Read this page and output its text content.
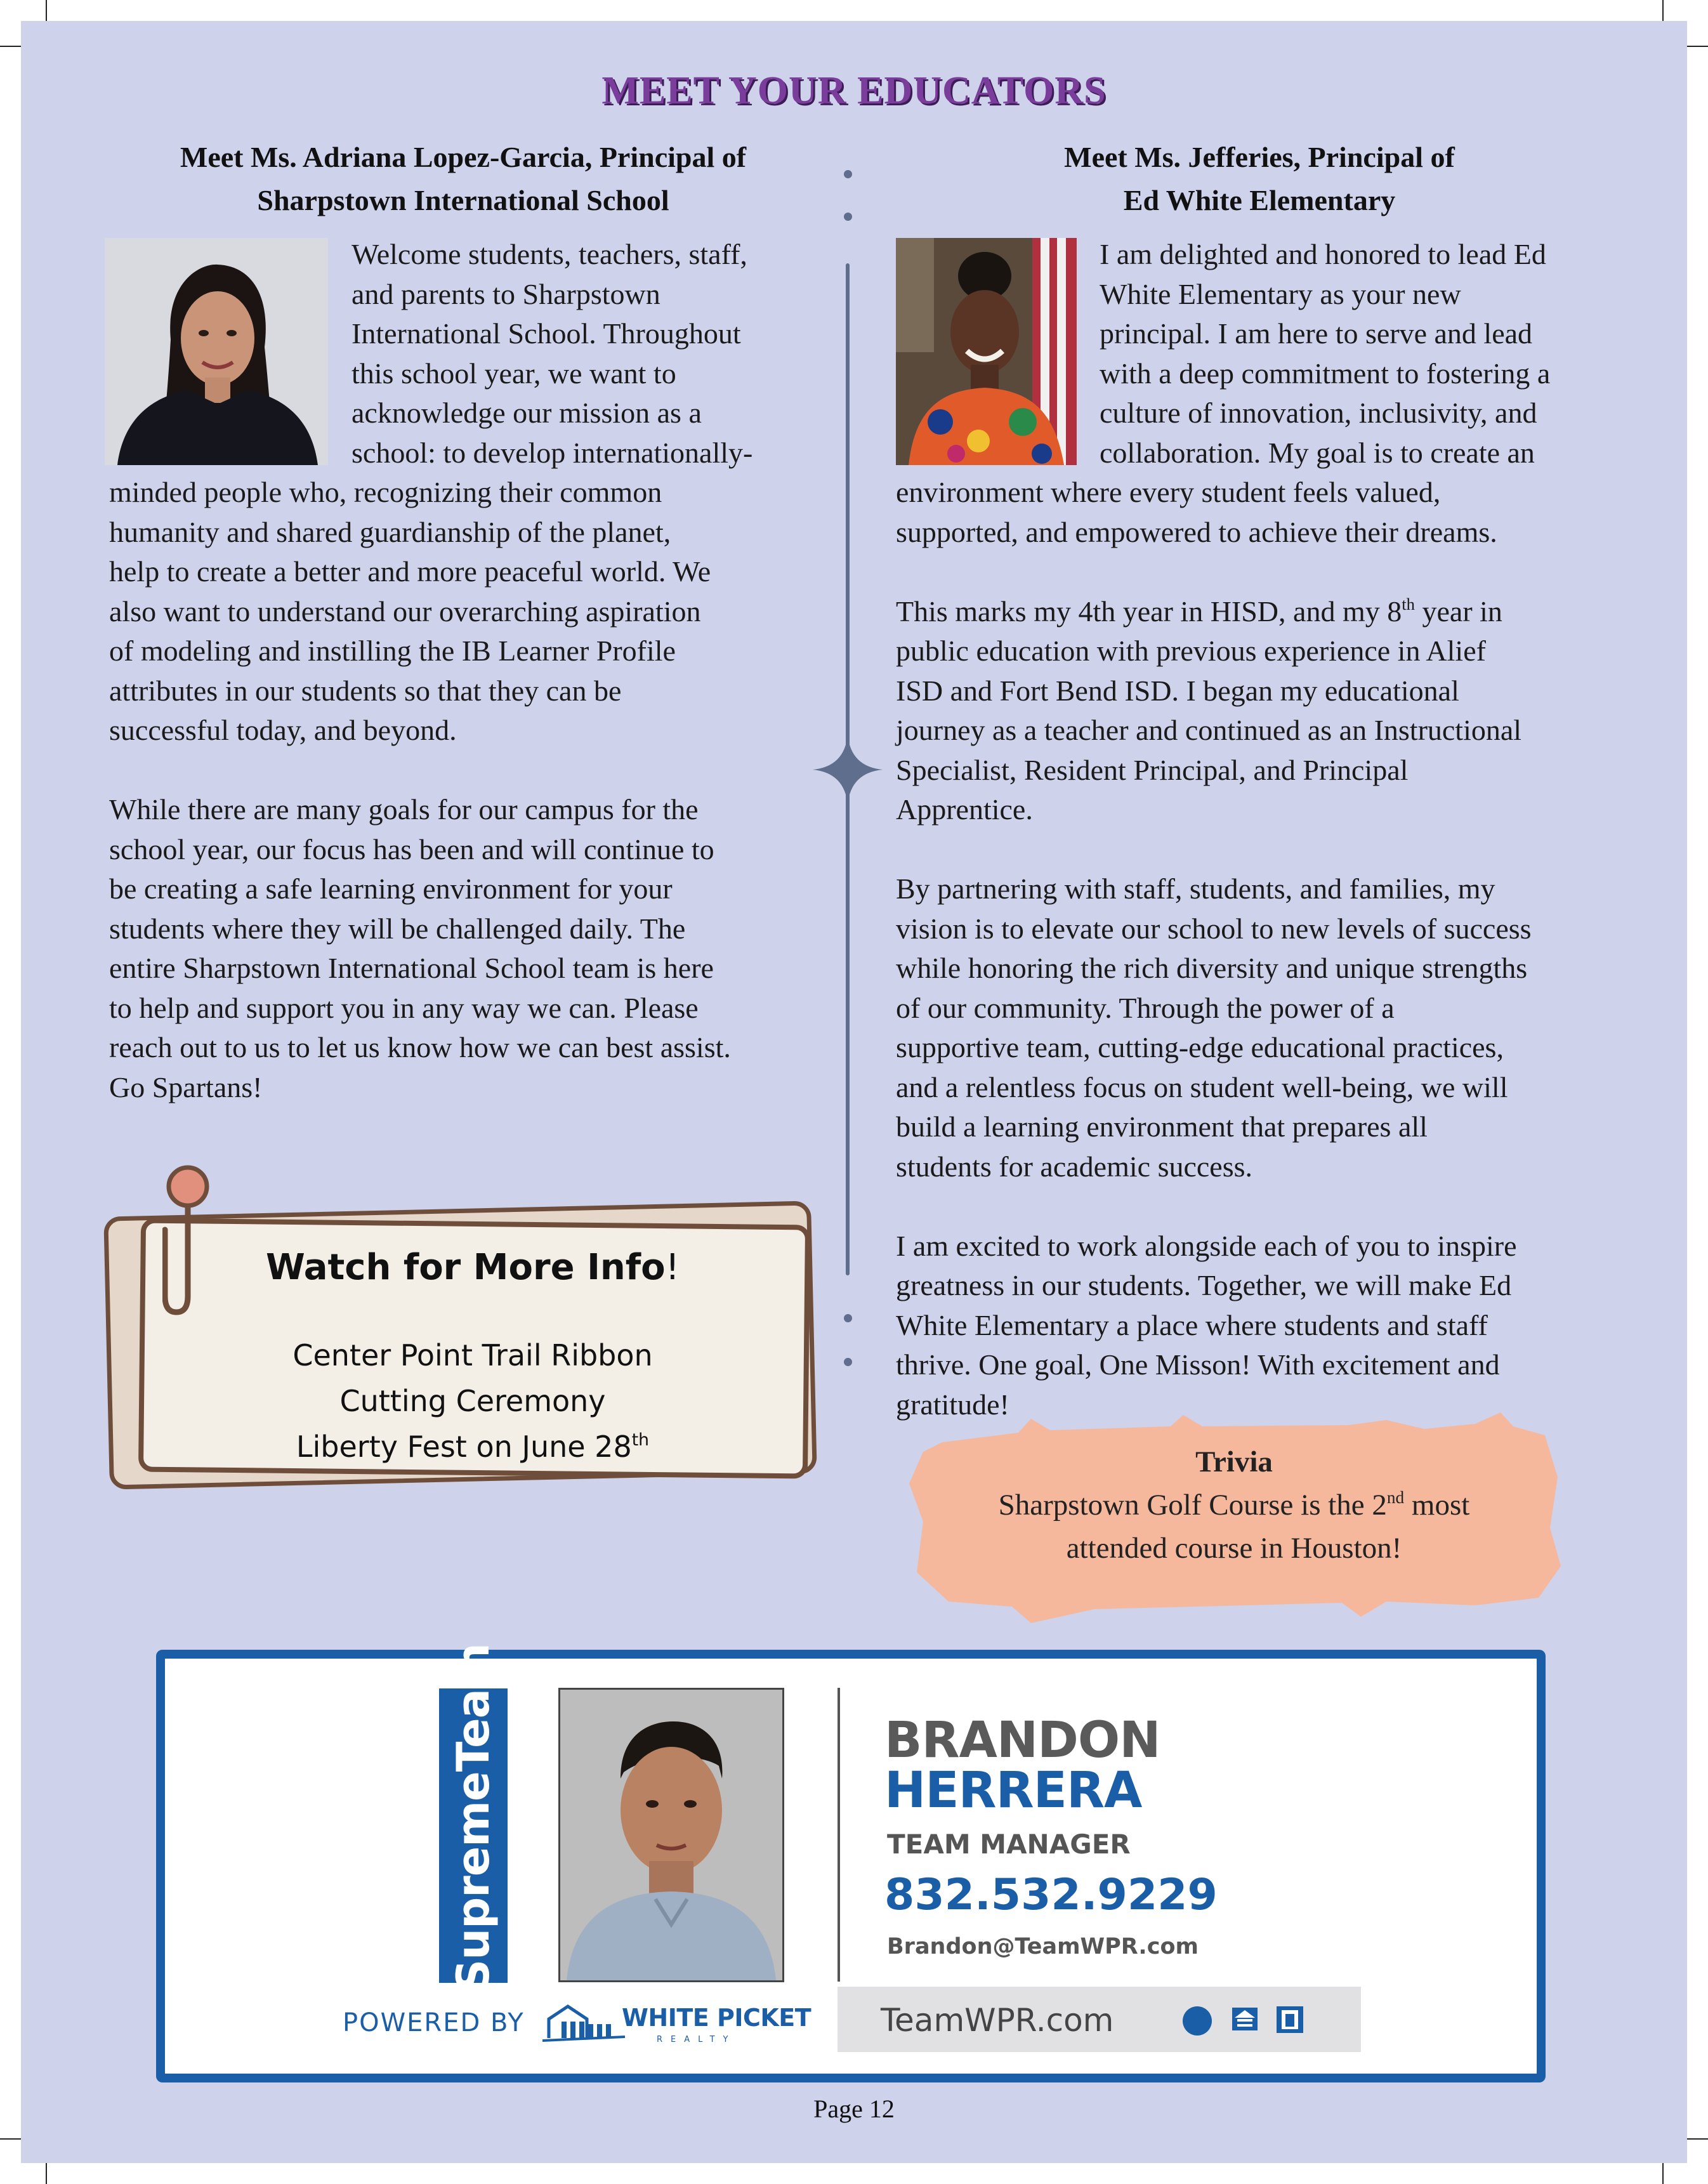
MEET YOUR EDUCATORS
Meet Ms. Adriana Lopez-Garcia, Principal of
Sharpstown International School
Welcome students, teachers, staff,
and parents to Sharpstown
International School. Throughout
this school year, we want to
acknowledge our mission as a
school: to develop internationally-
minded people who, recognizing their common
humanity and shared guardianship of the planet,
help to create a better and more peaceful world. We
also want to understand our overarching aspiration
of modeling and instilling the IB Learner Profile
attributes in our students so that they can be
successful today, and beyond.
While there are many goals for our campus for the
school year, our focus has been and will continue to
be creating a safe learning environment for your
students where they will be challenged daily. The
entire Sharpstown International School team is here
to help and support you in any way we can. Please
reach out to us to let us know how we can best assist.
Go Spartans!
Meet Ms. Jefferies, Principal of
Ed White Elementary
I am delighted and honored to lead Ed
White Elementary as your new
principal. I am here to serve and lead
with a deep commitment to fostering a
culture of innovation, inclusivity, and
collaboration. My goal is to create an
environment where every student feels valued,
supported, and empowered to achieve their dreams.
This marks my 4th year in HISD, and my 8th year in
public education with previous experience in Alief
ISD and Fort Bend ISD. I began my educational
journey as a teacher and continued as an Instructional
Specialist, Resident Principal, and Principal
Apprentice.
By partnering with staff, students, and families, my
vision is to elevate our school to new levels of success
while honoring the rich diversity and unique strengths
of our community. Through the power of a
supportive team, cutting-edge educational practices,
and a relentless focus on student well-being, we will
build a learning environment that prepares all
students for academic success.
I am excited to work alongside each of you to inspire
greatness in our students. Together, we will make Ed
White Elementary a place where students and staff
thrive. One goal, One Misson! With excitement and
gratitude!
Watch for More Info!
Center Point Trail Ribbon
Cutting Ceremony
Liberty Fest on June 28th
Trivia
Sharpstown Golf Course is the 2nd most
attended course in Houston!
#SupremeTeam	BRANDON
HERRERA
TEAM MANAGER
832.532.9229
Brandon@TeamWPR.com
TeamWPR.com
POWERED BY	WHITE PICKET
REALTY
Page 12
